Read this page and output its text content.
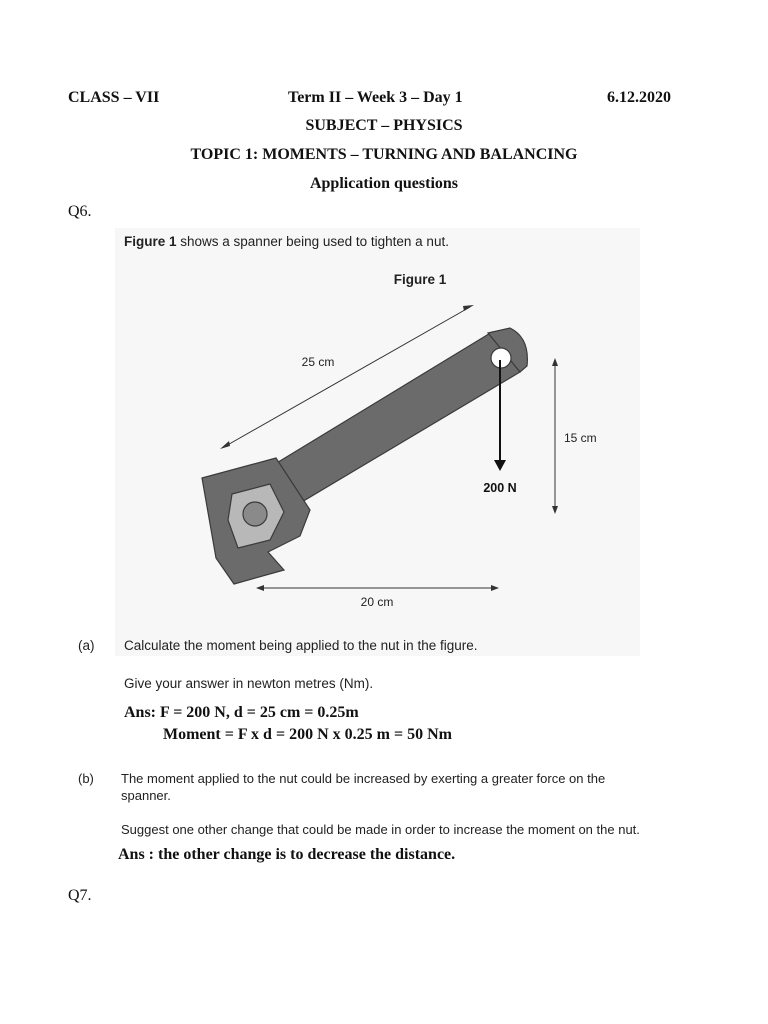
CLASS – VII	Term II – Week 3 – Day 1	6.12.2020
SUBJECT – PHYSICS
TOPIC 1: MOMENTS – TURNING AND BALANCING
Application questions
Q6.
Figure 1 shows a spanner being used to tighten a nut.
Figure 1
25 cm
200 N
15 cm
20 cm
(a) Calculate the moment being applied to the nut in the figure.
Give your answer in newton metres (Nm).
Ans: F = 200 N, d = 25 cm = 0.25m
Moment = F x d = 200 N x 0.25 m = 50 Nm
(b) The moment applied to the nut could be increased by exerting a greater force on the
spanner.
Suggest one other change that could be made in order to increase the moment on the nut.
Ans : the other change is to decrease the distance.
Q7.
